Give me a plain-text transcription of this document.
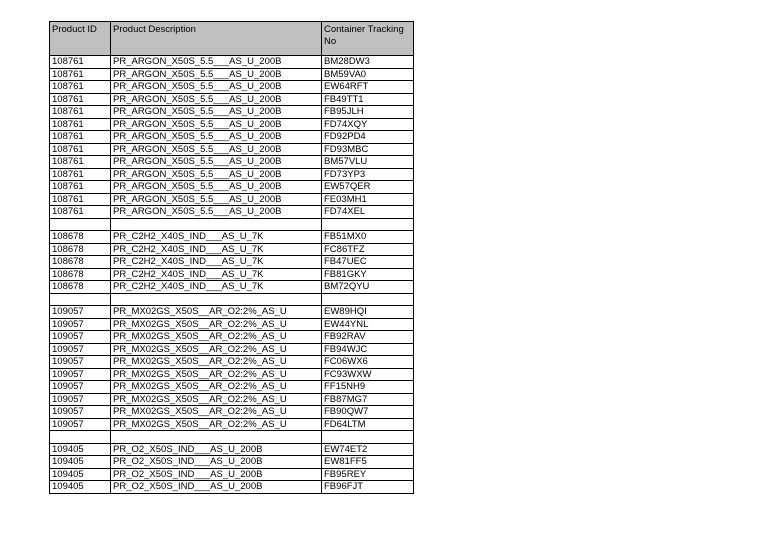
Product ID	Product Description	Container Tracking No
108761	PR_ARGON_X50S_5.5___AS_U_200B	BM28DW3
108761	PR_ARGON_X50S_5.5___AS_U_200B	BM59VA0
108761	PR_ARGON_X50S_5.5___AS_U_200B	EW64RFT
108761	PR_ARGON_X50S_5.5___AS_U_200B	FB49TT1
108761	PR_ARGON_X50S_5.5___AS_U_200B	FB95JLH
108761	PR_ARGON_X50S_5.5___AS_U_200B	FD74XQY
108761	PR_ARGON_X50S_5.5___AS_U_200B	FD92PD4
108761	PR_ARGON_X50S_5.5___AS_U_200B	FD93MBC
108761	PR_ARGON_X50S_5.5___AS_U_200B	BM57VLU
108761	PR_ARGON_X50S_5.5___AS_U_200B	FD73YP3
108761	PR_ARGON_X50S_5.5___AS_U_200B	EW57QER
108761	PR_ARGON_X50S_5.5___AS_U_200B	FE03MH1
108761	PR_ARGON_X50S_5.5___AS_U_200B	FD74XEL

108678	PR_C2H2_X40S_IND___AS_U_7K	FB51MX0
108678	PR_C2H2_X40S_IND___AS_U_7K	FC86TFZ
108678	PR_C2H2_X40S_IND___AS_U_7K	FB47UEC
108678	PR_C2H2_X40S_IND___AS_U_7K	FB81GKY
108678	PR_C2H2_X40S_IND___AS_U_7K	BM72QYU

109057	PR_MX02GS_X50S__AR_O2:2%_AS_U	EW89HQI
109057	PR_MX02GS_X50S__AR_O2:2%_AS_U	EW44YNL
109057	PR_MX02GS_X50S__AR_O2:2%_AS_U	FB92RAV
109057	PR_MX02GS_X50S__AR_O2:2%_AS_U	FB94WJC
109057	PR_MX02GS_X50S__AR_O2:2%_AS_U	FC06WX6
109057	PR_MX02GS_X50S__AR_O2:2%_AS_U	FC93WXW
109057	PR_MX02GS_X50S__AR_O2:2%_AS_U	FF15NH9
109057	PR_MX02GS_X50S__AR_O2:2%_AS_U	FB87MG7
109057	PR_MX02GS_X50S__AR_O2:2%_AS_U	FB90QW7
109057	PR_MX02GS_X50S__AR_O2:2%_AS_U	FD64LTM

109405	PR_O2_X50S_IND___AS_U_200B	EW74ET2
109405	PR_O2_X50S_IND___AS_U_200B	EW81FF5
109405	PR_O2_X50S_IND___AS_U_200B	FB95REY
109405	PR_O2_X50S_IND___AS_U_200B	FB96FJT
